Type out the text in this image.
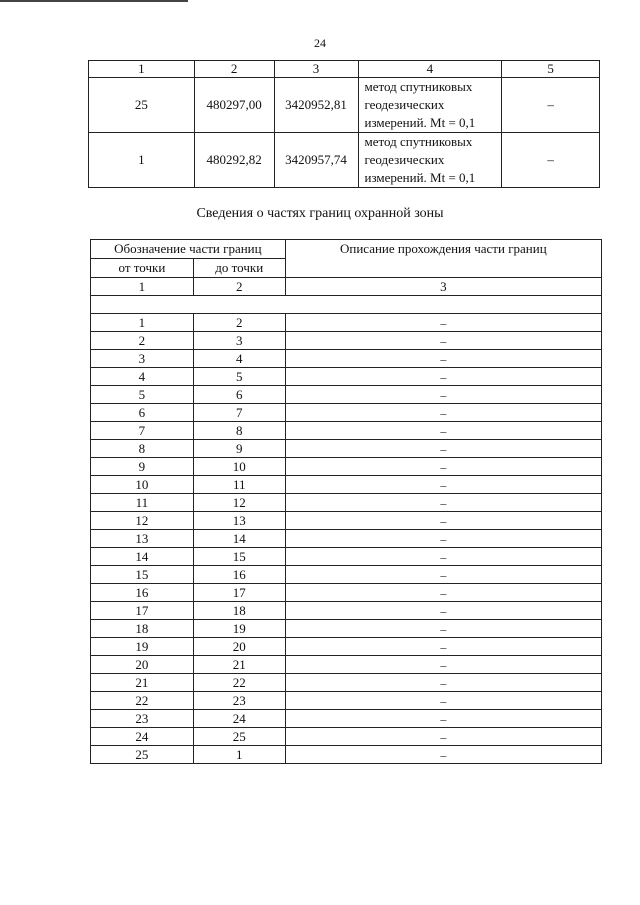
24
1	2	3	4	5
25	480297,00	3420952,81	метод спутниковых
геодезических
измерений. Mt = 0,1	–
1	480292,82	3420957,74	метод спутниковых
геодезических
измерений. Mt = 0,1	–
Сведения о частях границ охранной зоны
Обозначение части границ		Описание прохождения части границ
от точки	до точки	
1	2	3

1	2	–
2	3	–
3	4	–
4	5	–
5	6	–
6	7	–
7	8	–
8	9	–
9	10	–
10	11	–
11	12	–
12	13	–
13	14	–
14	15	–
15	16	–
16	17	–
17	18	–
18	19	–
19	20	–
20	21	–
21	22	–
22	23	–
23	24	–
24	25	–
25	1	–
